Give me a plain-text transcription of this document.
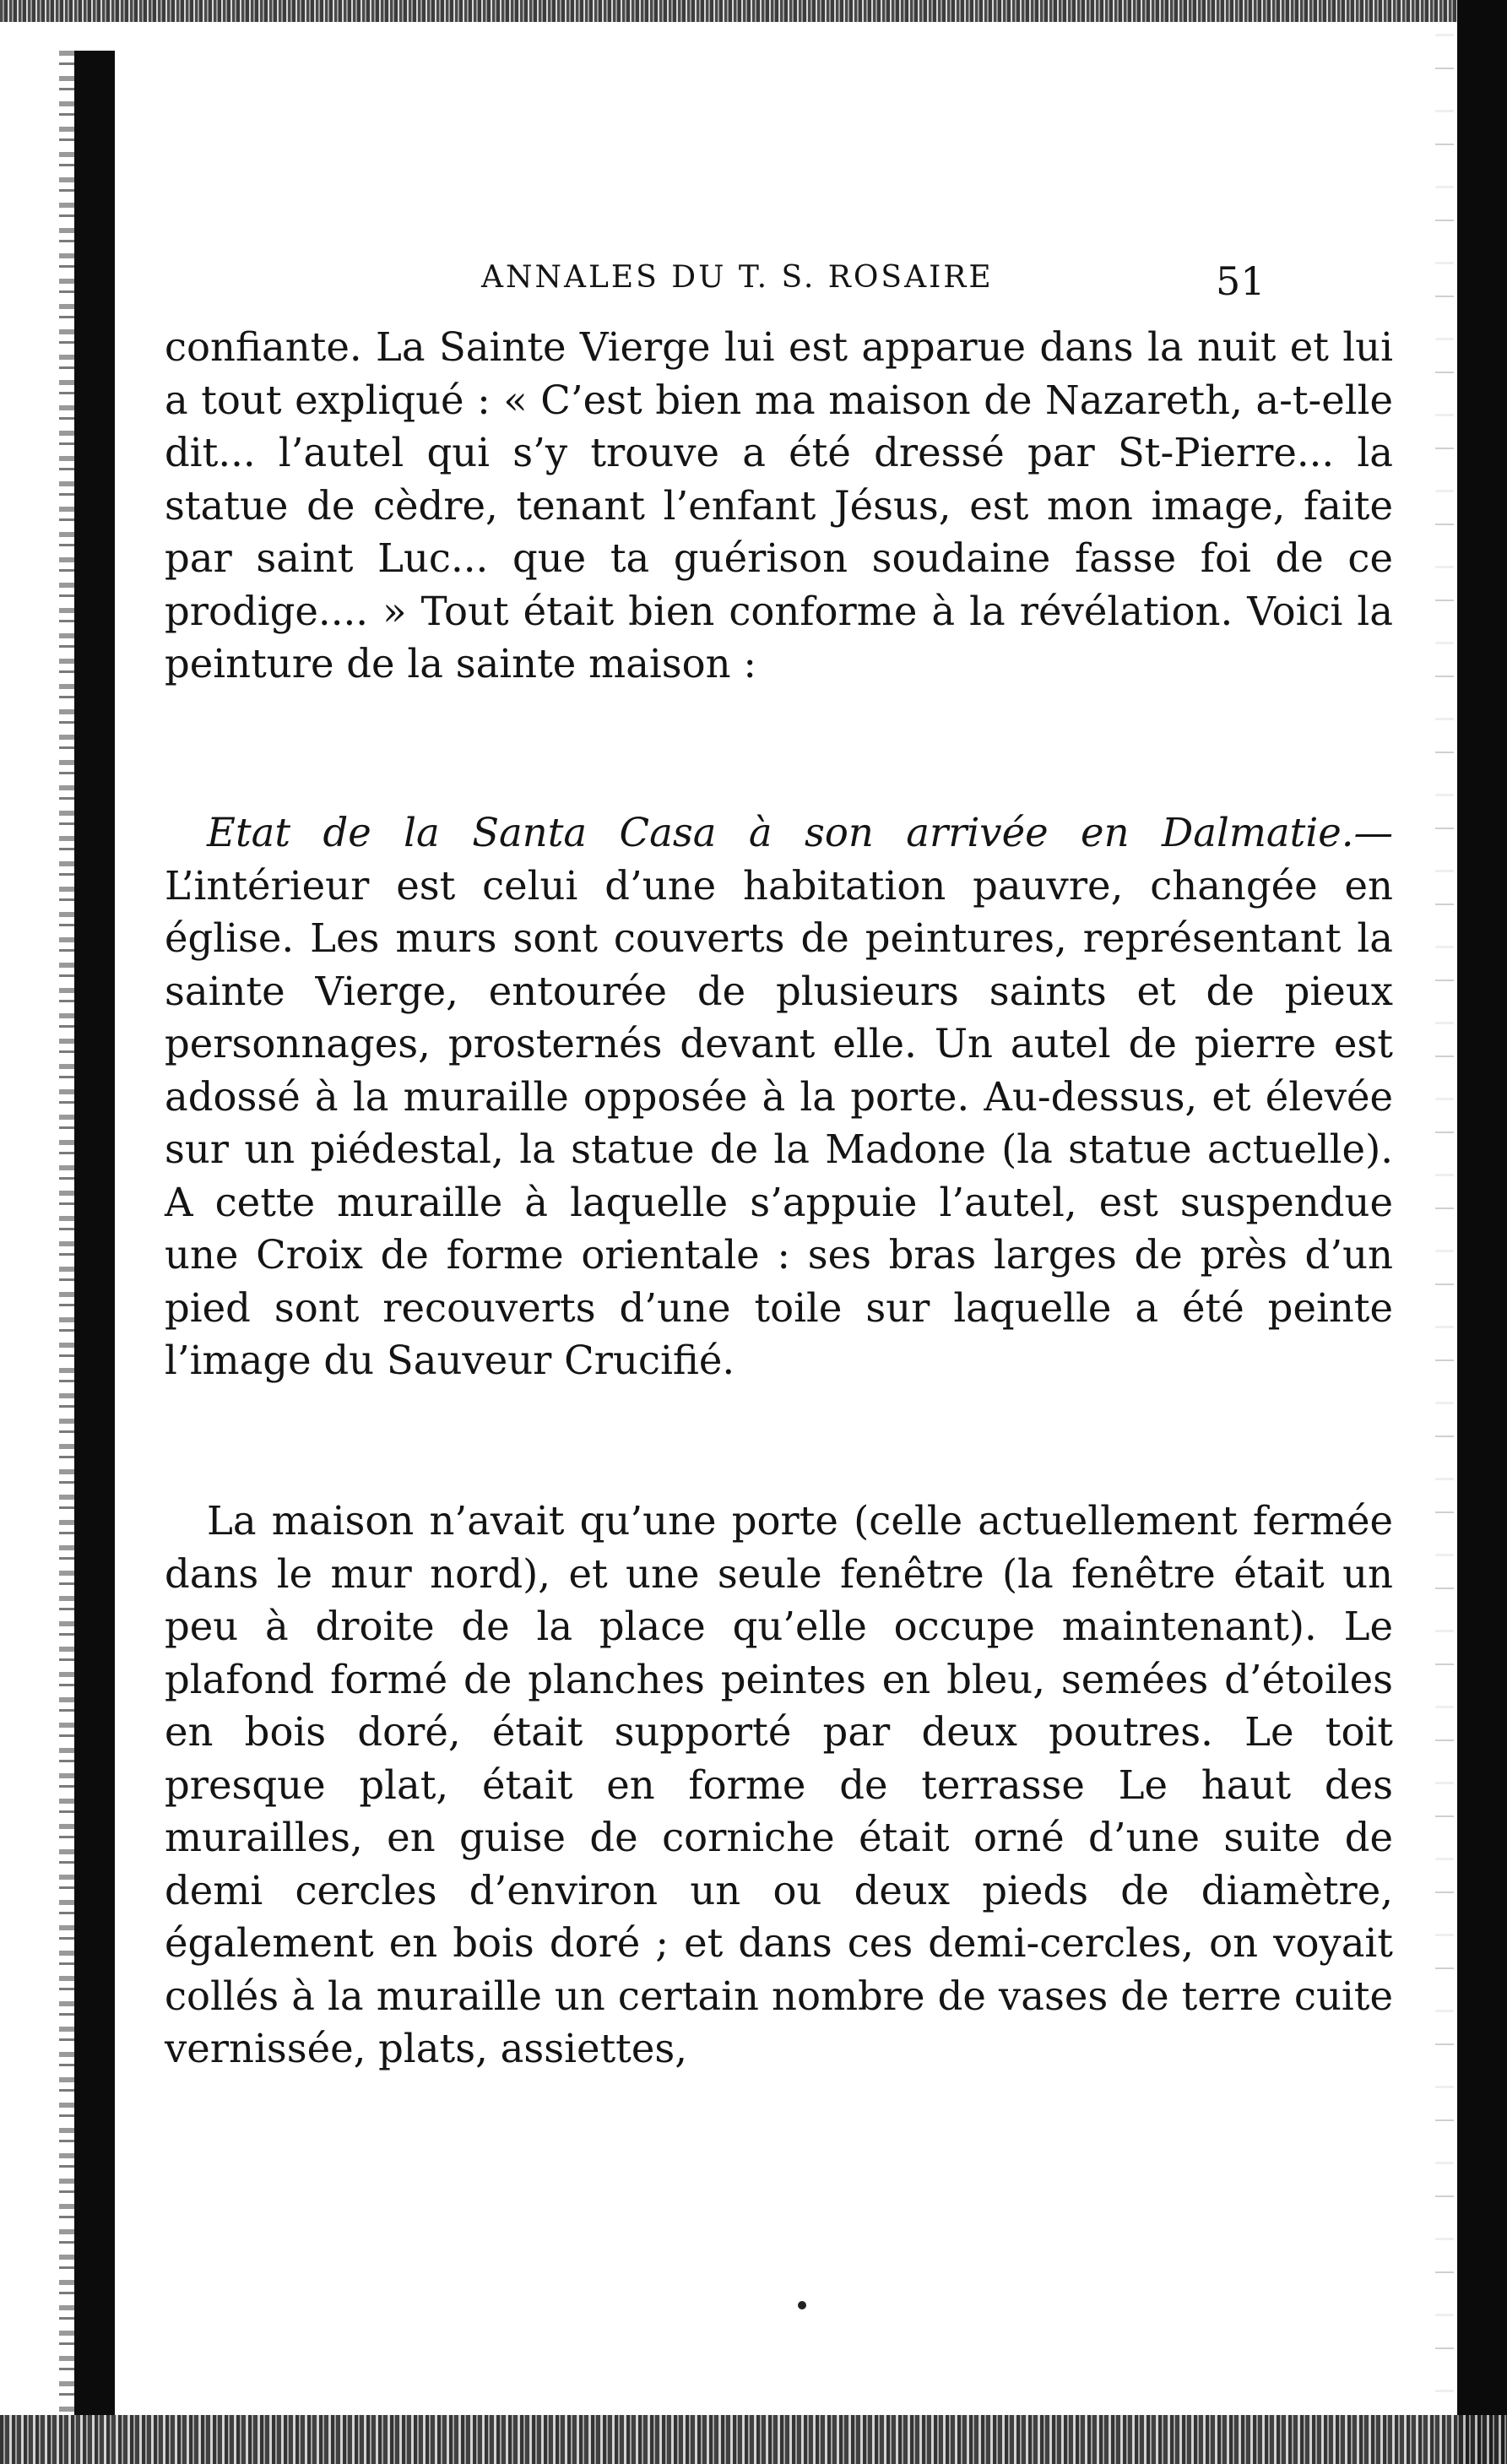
ANNALES DU T. S. ROSAIRE	51

confiante. La Sainte Vierge lui est apparue dans la nuit et lui a tout expliqué : « C’est bien ma maison de Nazareth, a-t-elle dit... l’autel qui s’y trouve a été dressé par St-Pierre... la statue de cèdre, tenant l’enfant Jésus, est mon image, faite par saint Luc... que ta guérison soudaine fasse foi de ce prodige.... » Tout était bien conforme à la révélation. Voici la peinture de la sainte maison :

Etat de la Santa Casa à son arrivée en Dalmatie.— L’intérieur est celui d’une habitation pauvre, changée en église. Les murs sont couverts de peintures, représentant la sainte Vierge, entourée de plusieurs saints et de pieux personnages, prosternés devant elle. Un autel de pierre est adossé à la muraille opposée à la porte. Au-dessus, et élevée sur un piédestal, la statue de la Madone (la statue actuelle). A cette muraille à laquelle s’appuie l’autel, est suspendue une Croix de forme orientale : ses bras larges de près d’un pied sont recouverts d’une toile sur laquelle a été peinte l’image du Sauveur Crucifié.

La maison n’avait qu’une porte (celle actuellement fermée dans le mur nord), et une seule fenêtre (la fenêtre était un peu à droite de la place qu’elle occupe maintenant). Le plafond formé de planches peintes en bleu, semées d’étoiles en bois doré, était supporté par deux poutres. Le toit presque plat, était en forme de terrasse Le haut des murailles, en guise de corniche était orné d’une suite de demi cercles d’environ un ou deux pieds de diamètre, également en bois doré ; et dans ces demi-cercles, on voyait collés à la muraille un certain nombre de vases de terre cuite vernissée, plats, assiettes,
